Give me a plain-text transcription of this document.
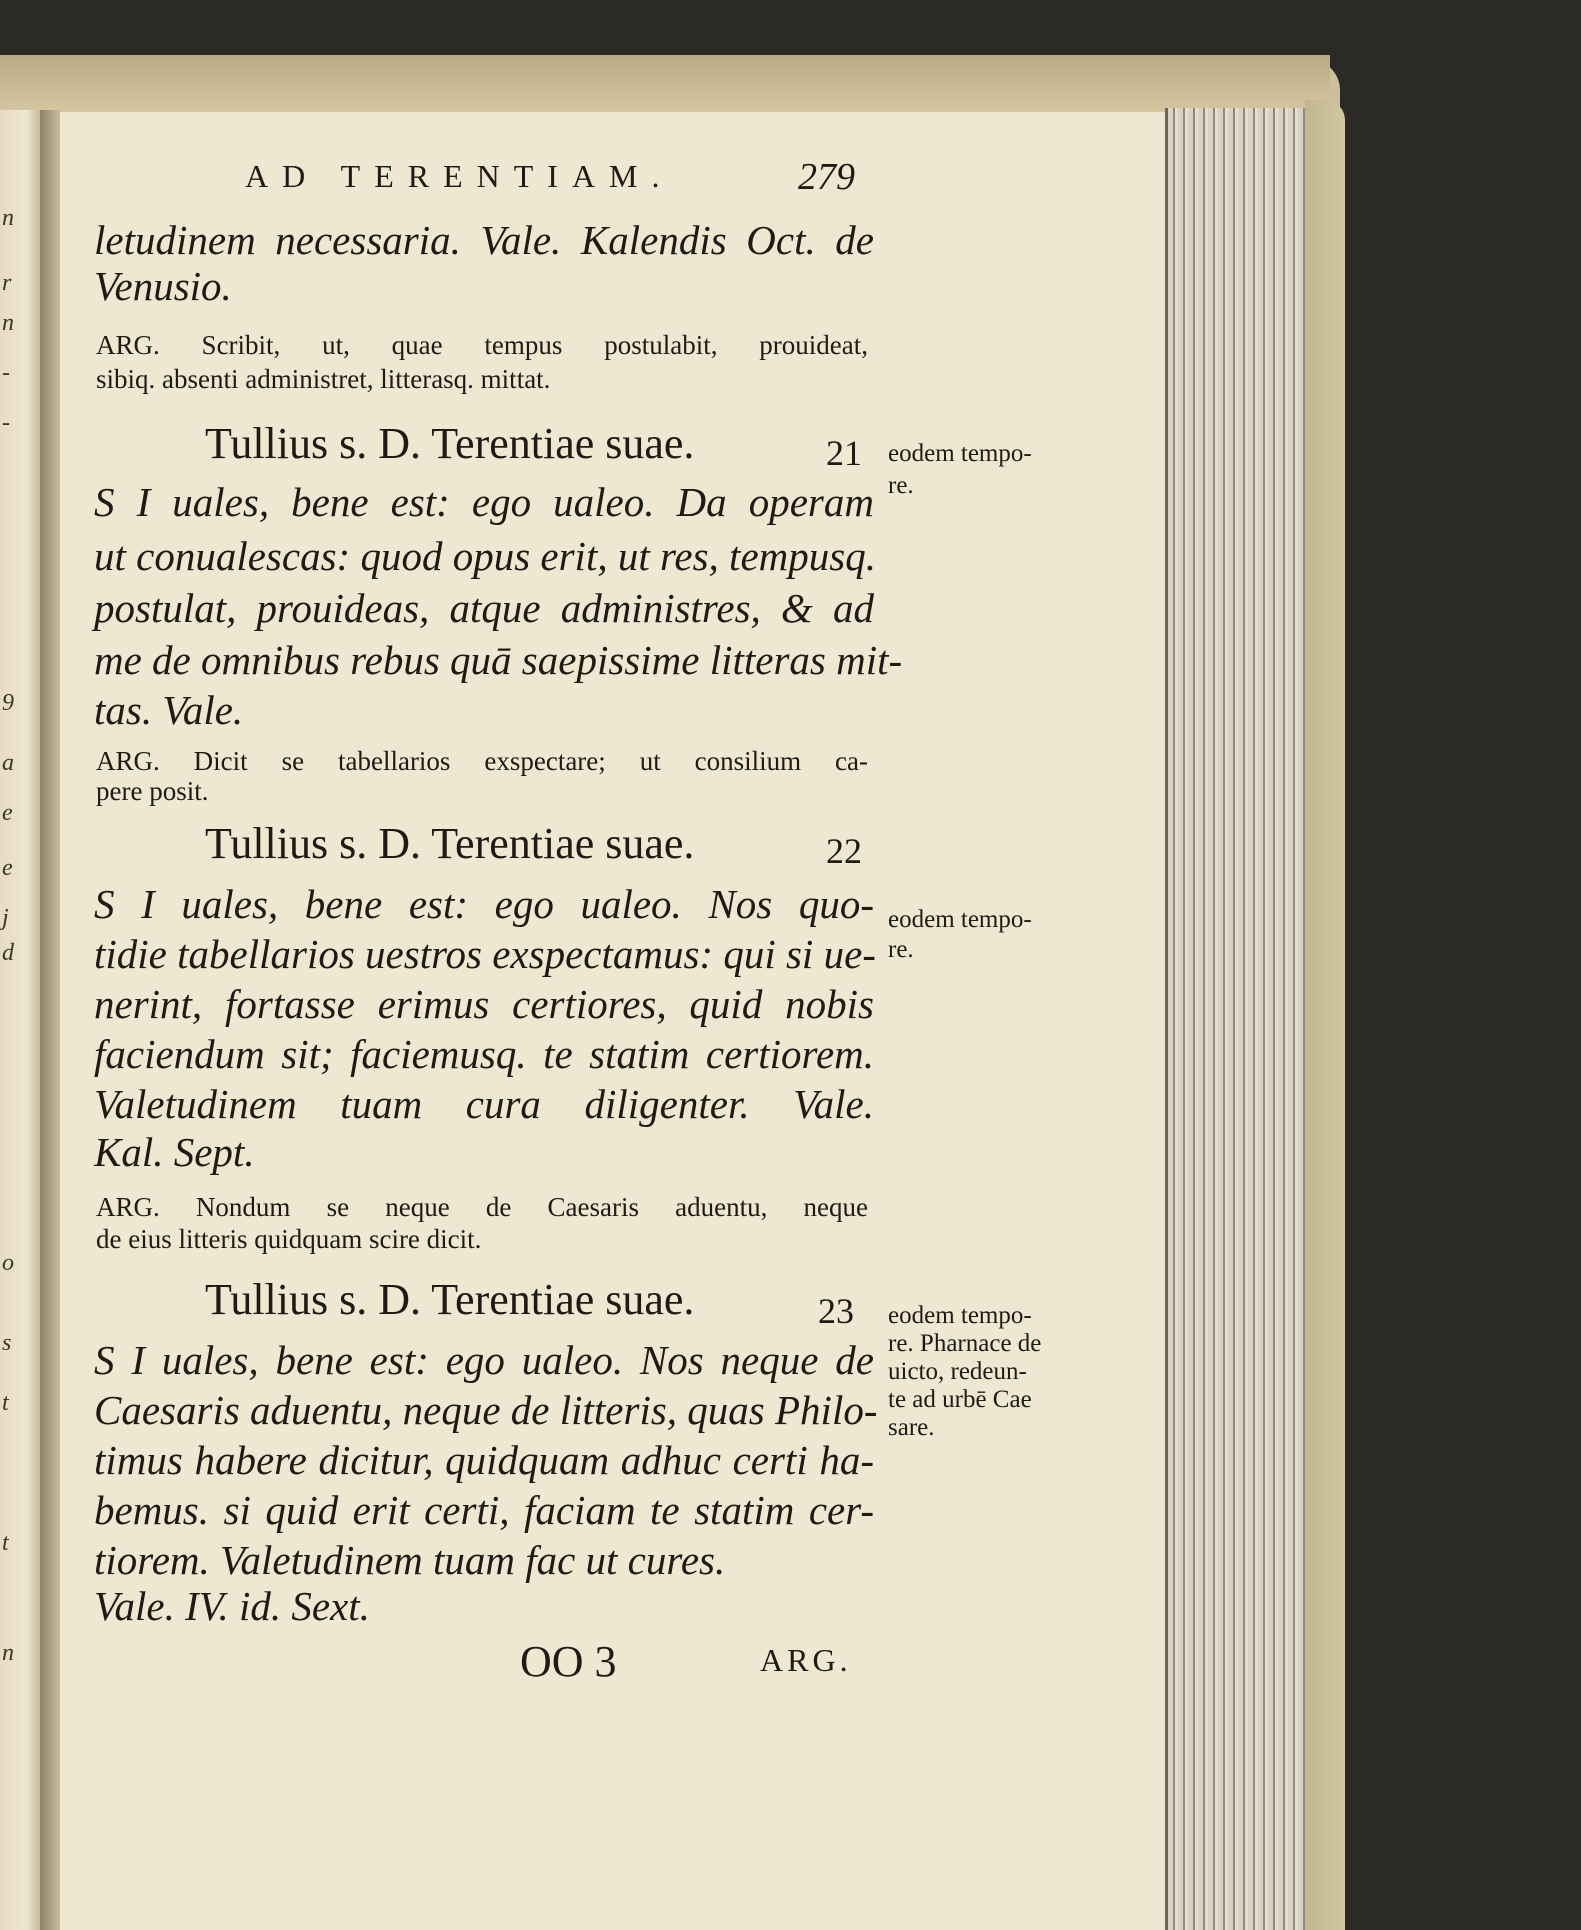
n
r
n
-
-
9
a
e
e
j
d
o
s
t
t
n
AD TERENTIAM.	279
letudinem necessaria. Vale. Kalendis Oct. de
Venusio.
ARG. Scribit, ut, quae tempus postulabit, prouideat,
sibiq. absenti administret, litterasq. mittat.
Tullius s. D. Terentiae suae.	21 eodem tempo-
re.
S I uales, bene est: ego ualeo. Da operam
ut conualescas: quod opus erit, ut res, tempusq.
postulat, prouideas, atque administres, & ad
me de omnibus rebus quā saepissime litteras mit-
tas. Vale.
ARG. Dicit se tabellarios exspectare; ut consilium ca-
pere posit.
Tullius s. D. Terentiae suae.	22
eodem tempo-
re.
S I uales, bene est: ego ualeo. Nos quo-
tidie tabellarios uestros exspectamus: qui si ue-
nerint, fortasse erimus certiores, quid nobis
faciendum sit; faciemusq. te statim certiorem.
Valetudinem tuam cura diligenter. Vale.
Kal. Sept.
ARG. Nondum se neque de Caesaris aduentu, neque
de eius litteris quidquam scire dicit.
Tullius s. D. Terentiae suae.	23 eodem tempo-
re. Pharnace de
uicto, redeun-
te ad urbē Cae
sare.
S I uales, bene est: ego ualeo. Nos neque de
Caesaris aduentu, neque de litteris, quas Philo-
timus habere dicitur, quidquam adhuc certi ha-
bemus. si quid erit certi, faciam te statim cer-
tiorem. Valetudinem tuam fac ut cures.
Vale. IV. id. Sext.
OO 3	ARG.
